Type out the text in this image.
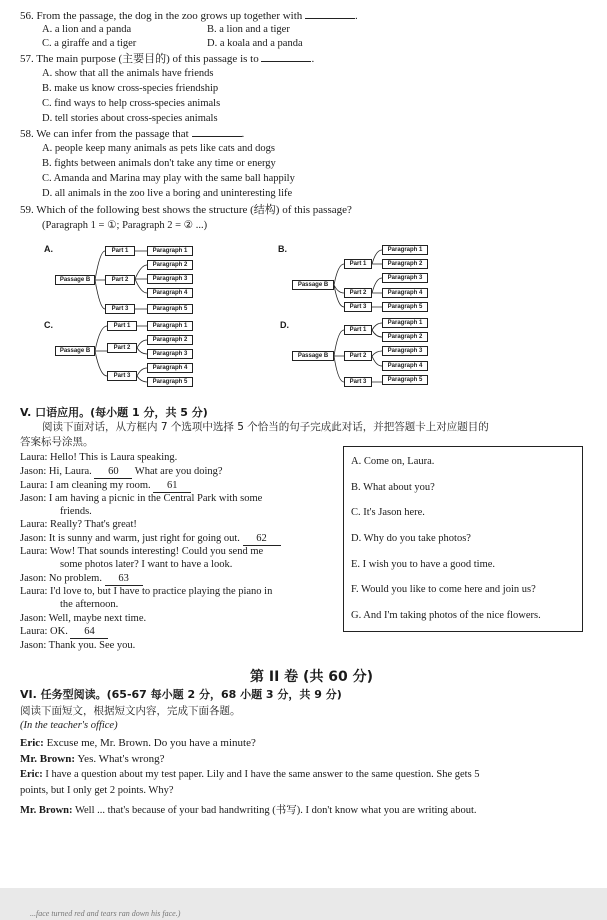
56. From the passage, the dog in the zoo grows up together with	.
A. a lion and a panda	B. a lion and a tiger
C. a giraffe and a tiger	D. a koala and a panda
57. The main purpose (主要目的) of this passage is to	.
A. show that all the animals have friends
B. make us know cross-species friendship
C. find ways to help cross-species animals
D. tell stories about cross-species animals
58. We can infer from the passage that	.
A. people keep many animals as pets like cats and dogs
B. fights between animals don't take any time or energy
C. Amanda and Marina may play with the same ball happily
D. all animals in the zoo live a boring and uninteresting life
59. Which of the following best shows the structure (结构) of this passage?
(Paragraph 1 = ①; Paragraph 2 = ② ...)
A.
Passage B
Part 1
Part 2
Part 3
Paragraph 1
Paragraph 2
Paragraph 3
Paragraph 4
Paragraph 5
B.
Passage B
Part 1
Part 2
Part 3
Paragraph 1
Paragraph 2
Paragraph 3
Paragraph 4
Paragraph 5
C.
Passage B
Part 1
Part 2
Part 3
Paragraph 1
Paragraph 2
Paragraph 3
Paragraph 4
Paragraph 5
D.
Passage B
Part 1
Part 2
Part 3
Paragraph 1
Paragraph 2
Paragraph 3
Paragraph 4
Paragraph 5
V. 口语应用。(每小题 1 分，共 5 分)
阅读下面对话，从方框内 7 个选项中选择 5 个恰当的句子完成此对话，并把答题卡上对应题目的
答案标号涂黑。
Laura: Hello! This is Laura speaking.
Jason: Hi, Laura. 60 What are you doing?
Laura: I am cleaning my room. 61
Jason: I am having a picnic in the Central Park with some
friends.
Laura: Really? That's great!
Jason: It is sunny and warm, just right for going out. 62
Laura: Wow! That sounds interesting! Could you send me
some photos later? I want to have a look.
Jason: No problem. 63
Laura: I'd love to, but I have to practice playing the piano in
the afternoon.
Jason: Well, maybe next time.
Laura: OK. 64
Jason: Thank you. See you.
A. Come on, Laura.
B. What about you?
C. It's Jason here.
D. Why do you take photos?
E. I wish you to have a good time.
F. Would you like to come here and join us?
G. And I'm taking photos of the nice flowers.
第 II 卷 (共 60 分)
VI. 任务型阅读。(65-67 每小题 2 分，68 小题 3 分，共 9 分)
阅读下面短文，根据短文内容，完成下面各题。
(In the teacher's office)
Eric: Excuse me, Mr. Brown. Do you have a minute?
Mr. Brown: Yes. What's wrong?
Eric: I have a question about my test paper. Lily and I have the same answer to the same question. She gets 5
points, but I only get 2 points. Why?
Mr. Brown: Well ... that's because of your bad handwriting (书写). I don't know what you are writing about.
...face turned red and tears ran down his face.)
